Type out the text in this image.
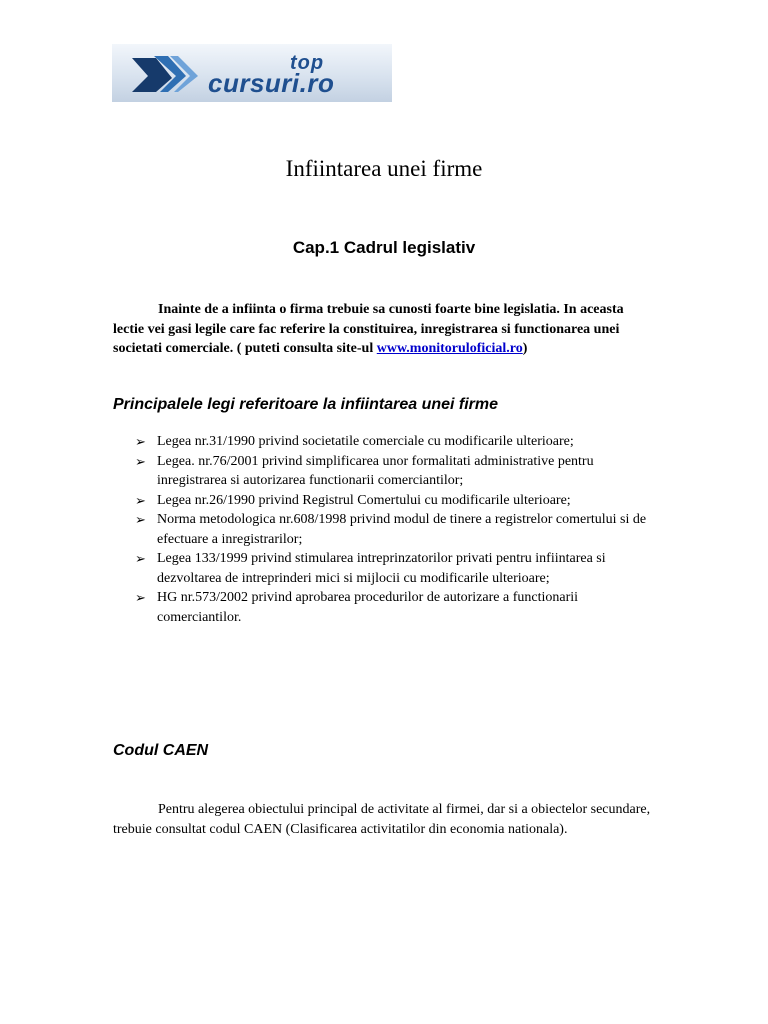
top
cursuri.ro
Infiintarea unei firme
Cap.1 Cadrul legislativ
Inainte de a infiinta o firma trebuie sa cunosti foarte bine legislatia. In aceasta lectie vei gasi legile care fac referire la constituirea, inregistrarea si functionarea unei societati comerciale. ( puteti consulta site-ul www.monitoruloficial.ro)
Principalele legi referitoare la infiintarea unei firme
➢ Legea nr.31/1990 privind societatile comerciale cu modificarile ulterioare;
➢ Legea. nr.76/2001 privind simplificarea unor formalitati administrative pentru inregistrarea si autorizarea functionarii comerciantilor;
➢ Legea nr.26/1990 privind Registrul Comertului cu modificarile ulterioare;
➢ Norma metodologica nr.608/1998 privind modul de tinere a registrelor comertului si de efectuare a inregistrarilor;
➢ Legea 133/1999 privind stimularea intreprinzatorilor privati pentru infiintarea si dezvoltarea de intreprinderi mici si mijlocii cu modificarile ulterioare;
➢ HG nr.573/2002 privind aprobarea procedurilor de autorizare a functionarii comerciantilor.
Codul CAEN
Pentru alegerea obiectului principal de activitate al firmei, dar si a obiectelor secundare, trebuie consultat codul CAEN (Clasificarea activitatilor din economia nationala).
